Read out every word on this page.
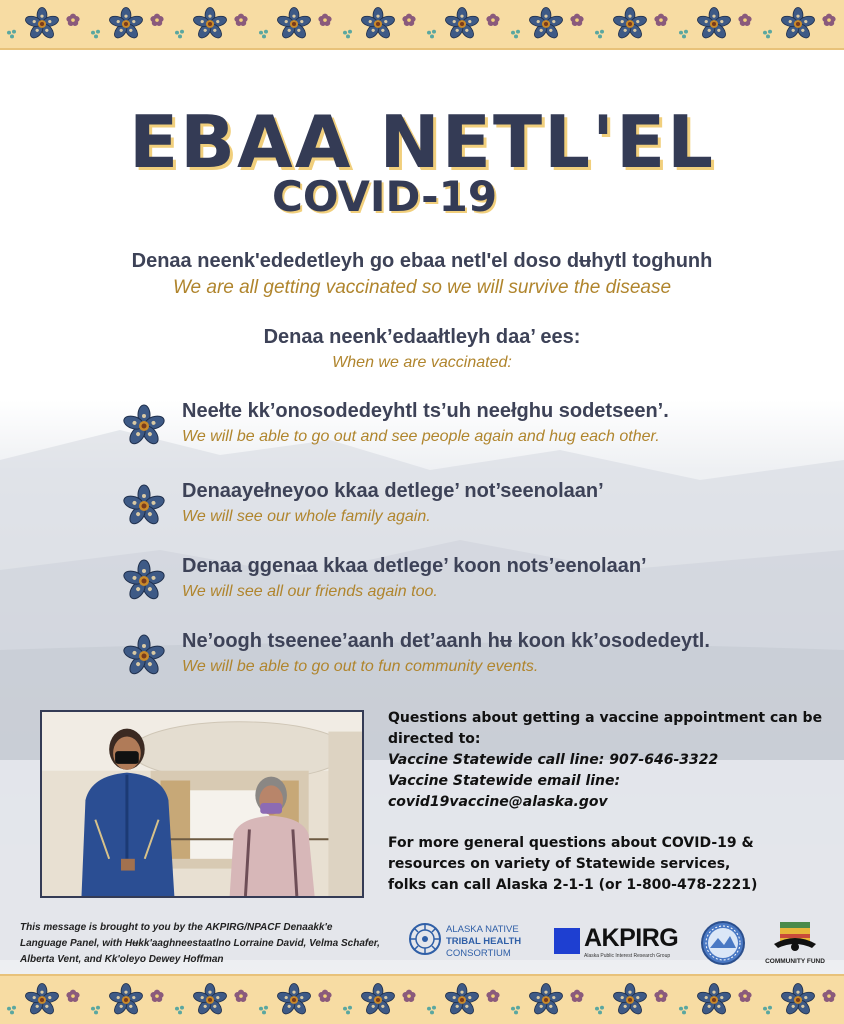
EBAA NETL'EL
COVID-19
Denaa neenk'ededetleyh go ebaa netl'el doso dʉhytl toghunh
We are all getting vaccinated so we will survive the disease
Denaa neenk’edaałtleyh daa’ ees:
When we are vaccinated:
Neełte kk’onosodedeyhtl ts’uh neełghu sodetseen’.
We will be able to go out and see people again and hug each other.
Denaayełneyoo kkaa detlege’ not’seenolaan’
We will see our whole family again.
Denaa ggenaa kkaa detlege’ koon nots’eenolaan’
We will see all our friends again too.
Ne’oogh tseenee’aanh det’aanh hʉ koon kk’osodedeytl.
We will be able to go out to fun community events.
Questions about getting a vaccine appointment can be
directed to:
Vaccine Statewide call line: 907-646-3322
Vaccine Statewide email line:
covid19vaccine@alaska.gov
For more general questions about COVID-19 &
resources on variety of Statewide services,
folks can call Alaska 2-1-1 (or 1-800-478-2221)
This message is brought to you by the AKPIRG/NPACF Denaakk'e Language Panel, with Hʉkk'aaghneestaatlno Lorraine David, Velma Schafer, Alberta Vent, and Kk'oleyo Dewey Hoffman
ALASKA NATIVE
TRIBAL HEALTH
CONSORTIUM
AKPIRG
Alaska Public Interest Research Group
COMMUNITY FUND
